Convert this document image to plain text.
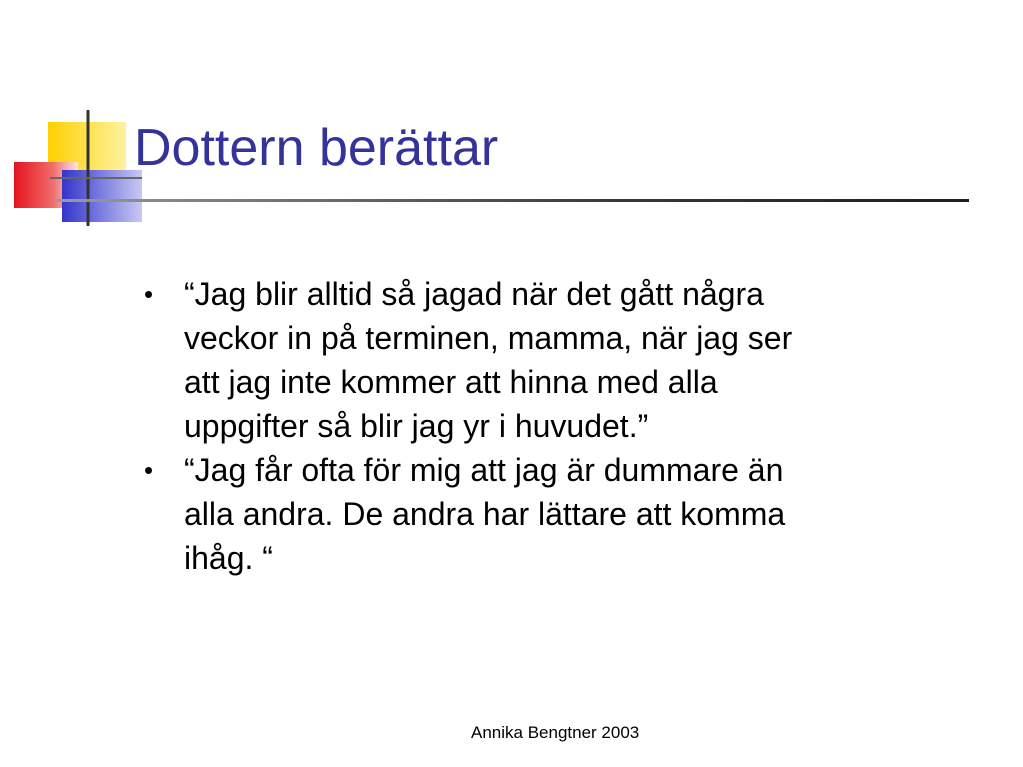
Dottern berättar
• “Jag blir alltid så jagad när det gått några
veckor in på terminen, mamma, när jag ser
att jag inte kommer att hinna med alla
uppgifter så blir jag yr i huvudet.”
• “Jag får ofta för mig att jag är dummare än
alla andra. De andra har lättare att komma
ihåg. “
Annika Bengtner 2003
